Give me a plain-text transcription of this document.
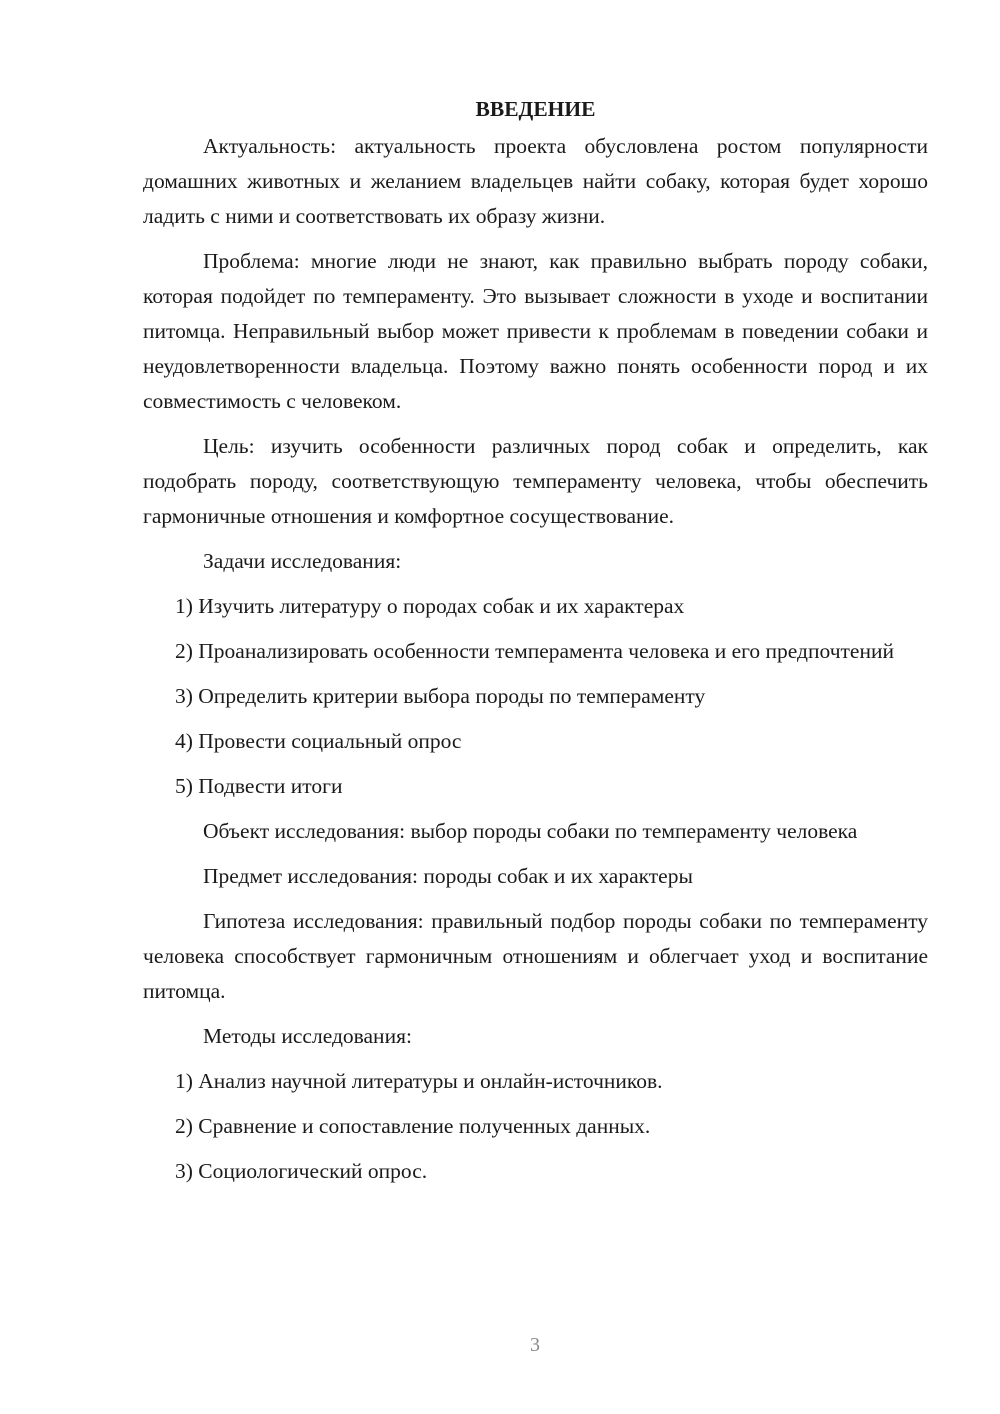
ВВЕДЕНИЕ

Актуальность: актуальность проекта обусловлена ростом популярности домашних животных и желанием владельцев найти собаку, которая будет хорошо ладить с ними и соответствовать их образу жизни.

Проблема: многие люди не знают, как правильно выбрать породу собаки, которая подойдет по темпераменту. Это вызывает сложности в уходе и воспитании питомца. Неправильный выбор может привести к проблемам в поведении собаки и неудовлетворенности владельца. Поэтому важно понять особенности пород и их совместимость с человеком.

Цель: изучить особенности различных пород собак и определить, как подобрать породу, соответствующую темпераменту человека, чтобы обеспечить гармоничные отношения и комфортное сосуществование.

Задачи исследования:

1) Изучить литературу о породах собак и их характерах

2) Проанализировать особенности темперамента человека и его предпочтений

3) Определить критерии выбора породы по темпераменту

4) Провести социальный опрос

5) Подвести итоги

Объект исследования: выбор породы собаки по темпераменту человека

Предмет исследования: породы собак и их характеры

Гипотеза исследования: правильный подбор породы собаки по темпераменту человека способствует гармоничным отношениям и облегчает уход и воспитание питомца.

Методы исследования:

1) Анализ научной литературы и онлайн-источников.

2) Сравнение и сопоставление полученных данных.

3) Социологический опрос.

3
